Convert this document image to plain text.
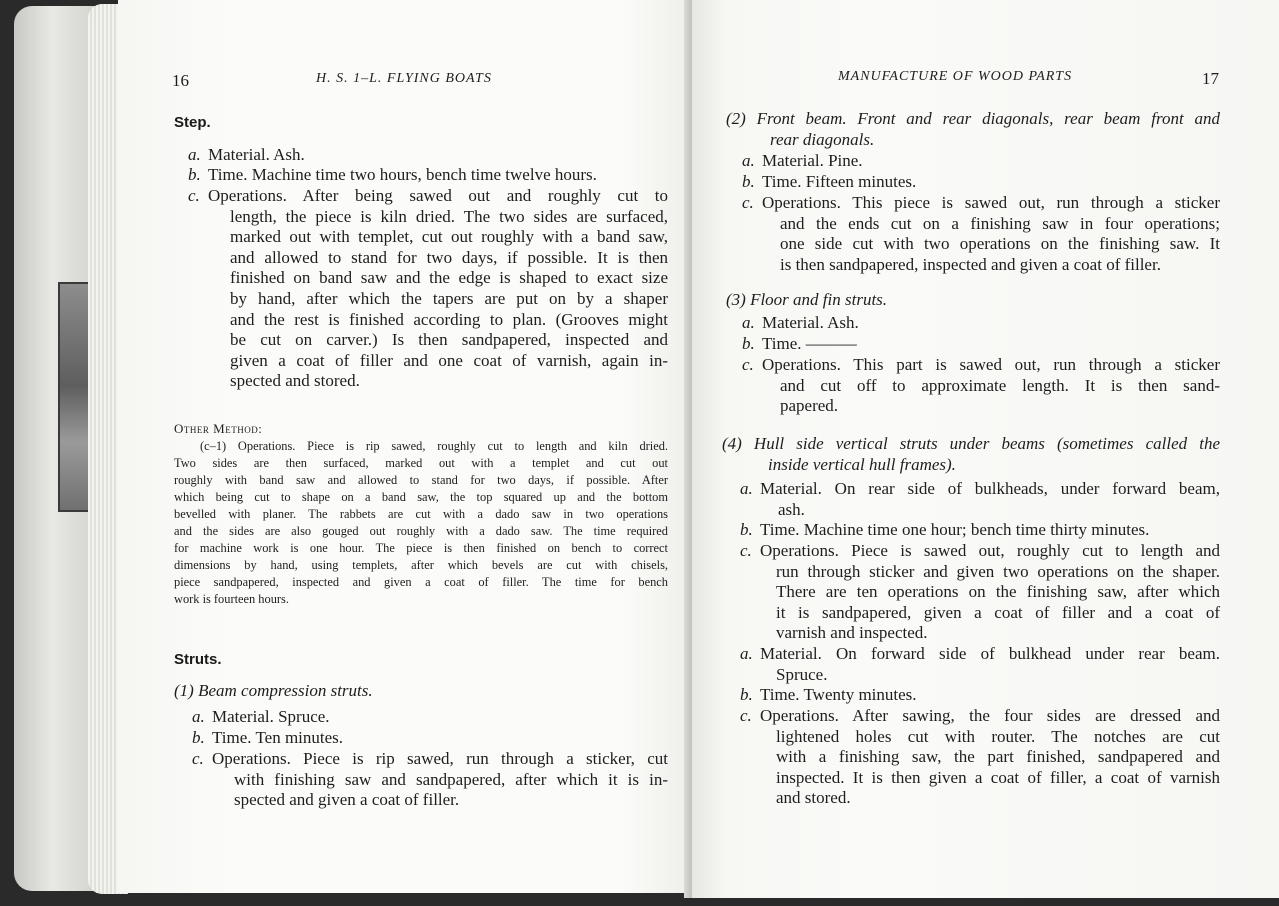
16	H. S. 1–L. FLYING BOATS
Step.
a. Material. Ash.
b. Time. Machine time two hours, bench time twelve hours.
c. Operations. After being sawed out and roughly cut to
length, the piece is kiln dried. The two sides are surfaced,
marked out with templet, cut out roughly with a band saw,
and allowed to stand for two days, if possible. It is then
finished on band saw and the edge is shaped to exact size
by hand, after which the tapers are put on by a shaper
and the rest is finished according to plan. (Grooves might
be cut on carver.) Is then sandpapered, inspected and
given a coat of filler and one coat of varnish, again in-
spected and stored.
Other Method:
(c–1) Operations. Piece is rip sawed, roughly cut to length and kiln dried.
Two sides are then surfaced, marked out with a templet and cut out
roughly with band saw and allowed to stand for two days, if possible. After
which being cut to shape on a band saw, the top squared up and the bottom
bevelled with planer. The rabbets are cut with a dado saw in two operations
and the sides are also gouged out roughly with a dado saw. The time required
for machine work is one hour. The piece is then finished on bench to correct
dimensions by hand, using templets, after which bevels are cut with chisels,
piece sandpapered, inspected and given a coat of filler. The time for bench
work is fourteen hours.
Struts.
(1) Beam compression struts.
a. Material. Spruce.
b. Time. Ten minutes.
c. Operations. Piece is rip sawed, run through a sticker, cut
with finishing saw and sandpapered, after which it is in-
spected and given a coat of filler.
MANUFACTURE OF WOOD PARTS	17
(2) Front beam. Front and rear diagonals, rear beam front and
rear diagonals.
a. Material. Pine.
b. Time. Fifteen minutes.
c. Operations. This piece is sawed out, run through a sticker
and the ends cut on a finishing saw in four operations;
one side cut with two operations on the finishing saw. It
is then sandpapered, inspected and given a coat of filler.
(3) Floor and fin struts.
a. Material. Ash.
b. Time. ———
c. Operations. This part is sawed out, run through a sticker
and cut off to approximate length. It is then sand-
papered.
(4) Hull side vertical struts under beams (sometimes called the
inside vertical hull frames).
a. Material. On rear side of bulkheads, under forward beam,
ash.
b. Time. Machine time one hour; bench time thirty minutes.
c. Operations. Piece is sawed out, roughly cut to length and
run through sticker and given two operations on the shaper.
There are ten operations on the finishing saw, after which
it is sandpapered, given a coat of filler and a coat of
varnish and inspected.
a. Material. On forward side of bulkhead under rear beam.
Spruce.
b. Time. Twenty minutes.
c. Operations. After sawing, the four sides are dressed and
lightened holes cut with router. The notches are cut
with a finishing saw, the part finished, sandpapered and
inspected. It is then given a coat of filler, a coat of varnish
and stored.
